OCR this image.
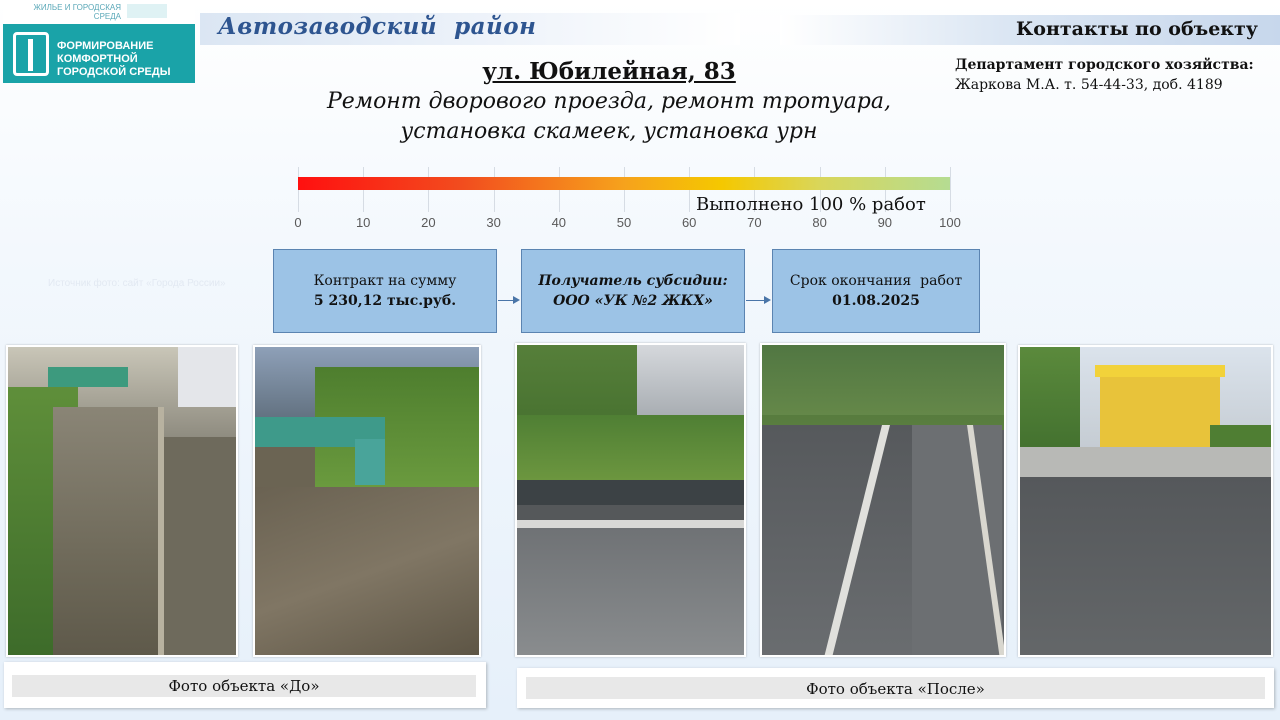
ЖИЛЬЕ И ГОРОДСКАЯ СРЕДА
ФОРМИРОВАНИЕ
КОМФОРТНОЙ
ГОРОДСКОЙ СРЕДЫ
Автозаводский  район	Контакты по объекту
Департамент городского хозяйства:
Жаркова М.А. т. 54-44-33, доб. 4189
ул. Юбилейная, 83
Ремонт дворового проезда, ремонт тротуара,
установка скамеек, установка урн
Выполнено 100 % работ
0	10	20	30	40	50	60	70	80	90	100
Источник фото: сайт «Города России»	Контракт на сумму
5 230,12 тыс.руб.
Получатель субсидии:
ООО «УК №2 ЖКХ»
Срок окончания  работ
01.08.2025
Фото объекта «До»	Фото объекта «После»
